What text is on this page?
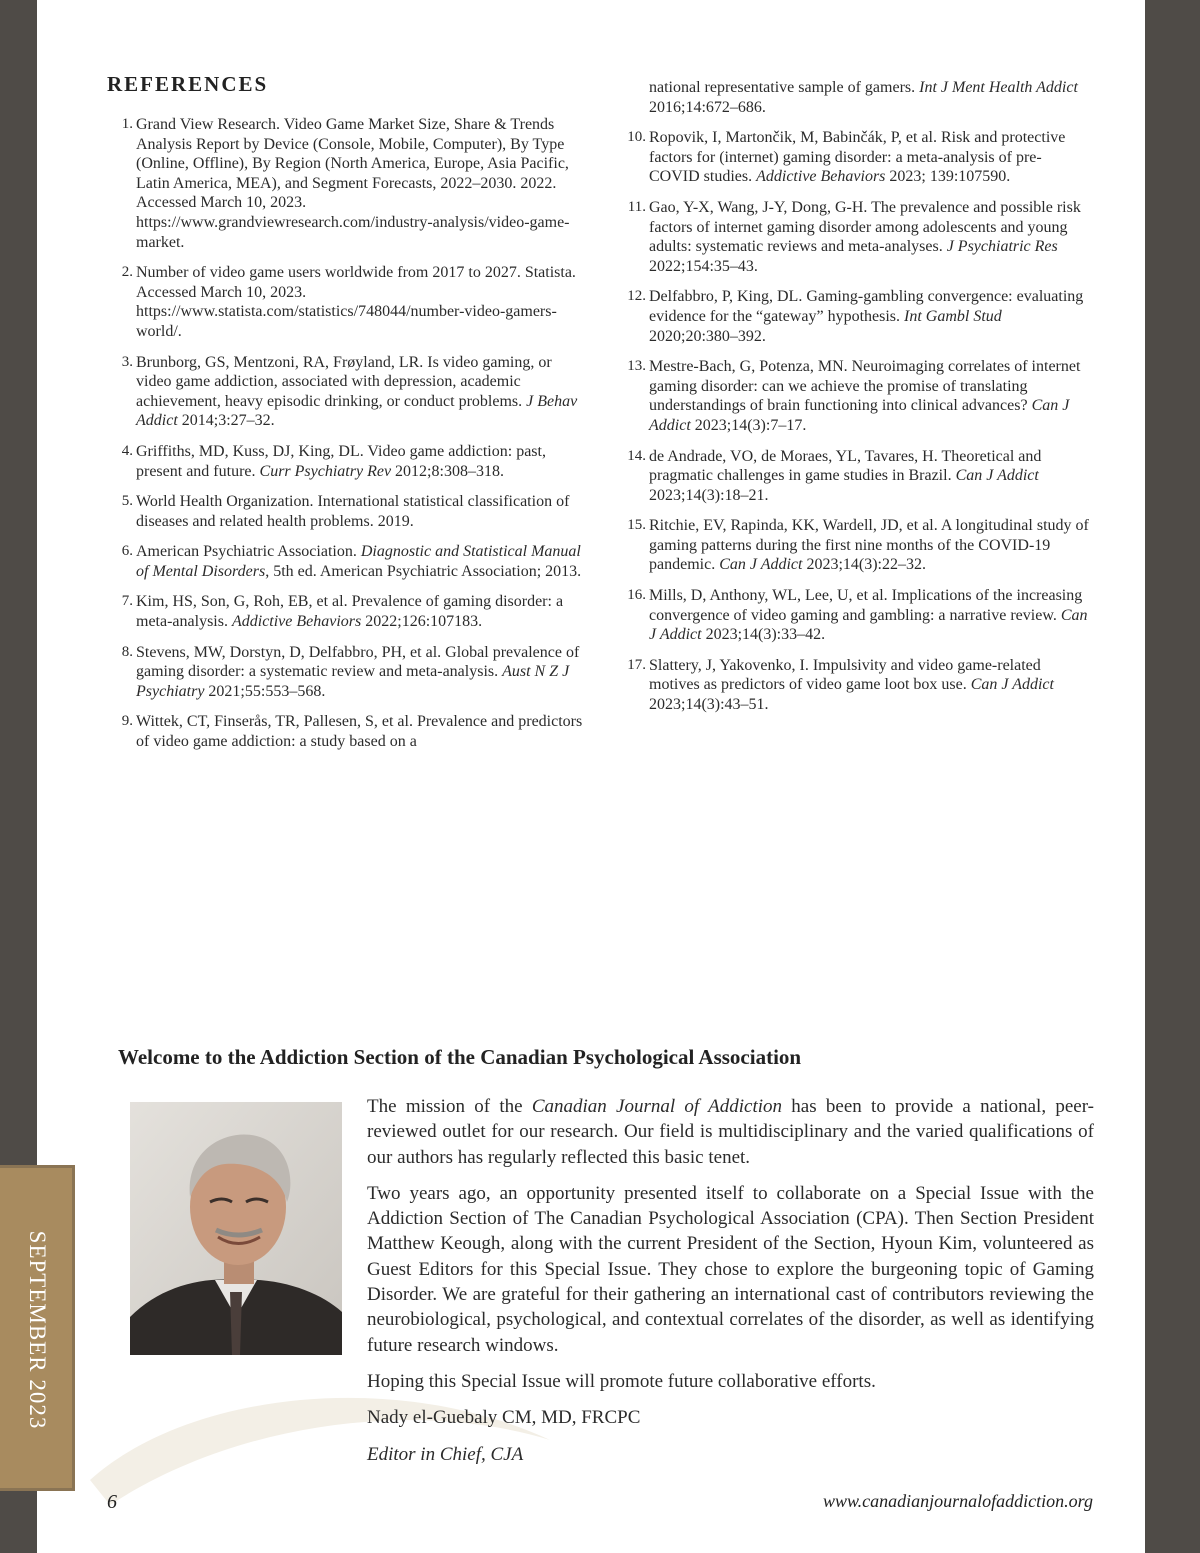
SEPTEMBER 2023
REFERENCES
1. Grand View Research. Video Game Market Size, Share & Trends Analysis Report by Device (Console, Mobile, Computer), By Type (Online, Offline), By Region (North America, Europe, Asia Pacific, Latin America, MEA), and Segment Forecasts, 2022–2030. 2022. Accessed March 10, 2023. https://www.grandviewresearch.com/industry-analysis/video-game-market.
2. Number of video game users worldwide from 2017 to 2027. Statista. Accessed March 10, 2023. https://www.statista.com/statistics/748044/number-video-gamers-world/.
3. Brunborg, GS, Mentzoni, RA, Frøyland, LR. Is video gaming, or video game addiction, associated with depression, academic achievement, heavy episodic drinking, or conduct problems. J Behav Addict 2014;3:27–32.
4. Griffiths, MD, Kuss, DJ, King, DL. Video game addiction: past, present and future. Curr Psychiatry Rev 2012;8:308–318.
5. World Health Organization. International statistical classification of diseases and related health problems. 2019.
6. American Psychiatric Association. Diagnostic and Statistical Manual of Mental Disorders, 5th ed. American Psychiatric Association; 2013.
7. Kim, HS, Son, G, Roh, EB, et al. Prevalence of gaming disorder: a meta-analysis. Addictive Behaviors 2022;126:107183.
8. Stevens, MW, Dorstyn, D, Delfabbro, PH, et al. Global prevalence of gaming disorder: a systematic review and meta-analysis. Aust N Z J Psychiatry 2021;55:553–568.
9. Wittek, CT, Finserås, TR, Pallesen, S, et al. Prevalence and predictors of video game addiction: a study based on a
national representative sample of gamers. Int J Ment Health Addict 2016;14:672–686.
10. Ropovik, I, Martončik, M, Babinčák, P, et al. Risk and protective factors for (internet) gaming disorder: a meta-analysis of pre-COVID studies. Addictive Behaviors 2023; 139:107590.
11. Gao, Y-X, Wang, J-Y, Dong, G-H. The prevalence and possible risk factors of internet gaming disorder among adolescents and young adults: systematic reviews and meta-analyses. J Psychiatric Res 2022;154:35–43.
12. Delfabbro, P, King, DL. Gaming-gambling convergence: evaluating evidence for the “gateway” hypothesis. Int Gambl Stud 2020;20:380–392.
13. Mestre-Bach, G, Potenza, MN. Neuroimaging correlates of internet gaming disorder: can we achieve the promise of translating understandings of brain functioning into clinical advances? Can J Addict 2023;14(3):7–17.
14. de Andrade, VO, de Moraes, YL, Tavares, H. Theoretical and pragmatic challenges in game studies in Brazil. Can J Addict 2023;14(3):18–21.
15. Ritchie, EV, Rapinda, KK, Wardell, JD, et al. A longitudinal study of gaming patterns during the first nine months of the COVID-19 pandemic. Can J Addict 2023;14(3):22–32.
16. Mills, D, Anthony, WL, Lee, U, et al. Implications of the increasing convergence of video gaming and gambling: a narrative review. Can J Addict 2023;14(3):33–42.
17. Slattery, J, Yakovenko, I. Impulsivity and video game-related motives as predictors of video game loot box use. Can J Addict 2023;14(3):43–51.
Welcome to the Addiction Section of the Canadian Psychological Association

The mission of the Canadian Journal of Addiction has been to provide a national, peer-reviewed outlet for our research. Our field is multidisciplinary and the varied qualifications of our authors has regularly reflected this basic tenet.

Two years ago, an opportunity presented itself to collaborate on a Special Issue with the Addiction Section of The Canadian Psychological Association (CPA). Then Section President Matthew Keough, along with the current President of the Section, Hyoun Kim, volunteered as Guest Editors for this Special Issue. They chose to explore the burgeoning topic of Gaming Disorder. We are grateful for their gathering an international cast of contributors reviewing the neurobiological, psychological, and contextual correlates of the disorder, as well as identifying future research windows.

Hoping this Special Issue will promote future collaborative efforts.

Nady el-Guebaly CM, MD, FRCPC

Editor in Chief, CJA

6	www.canadianjournalofaddiction.org
